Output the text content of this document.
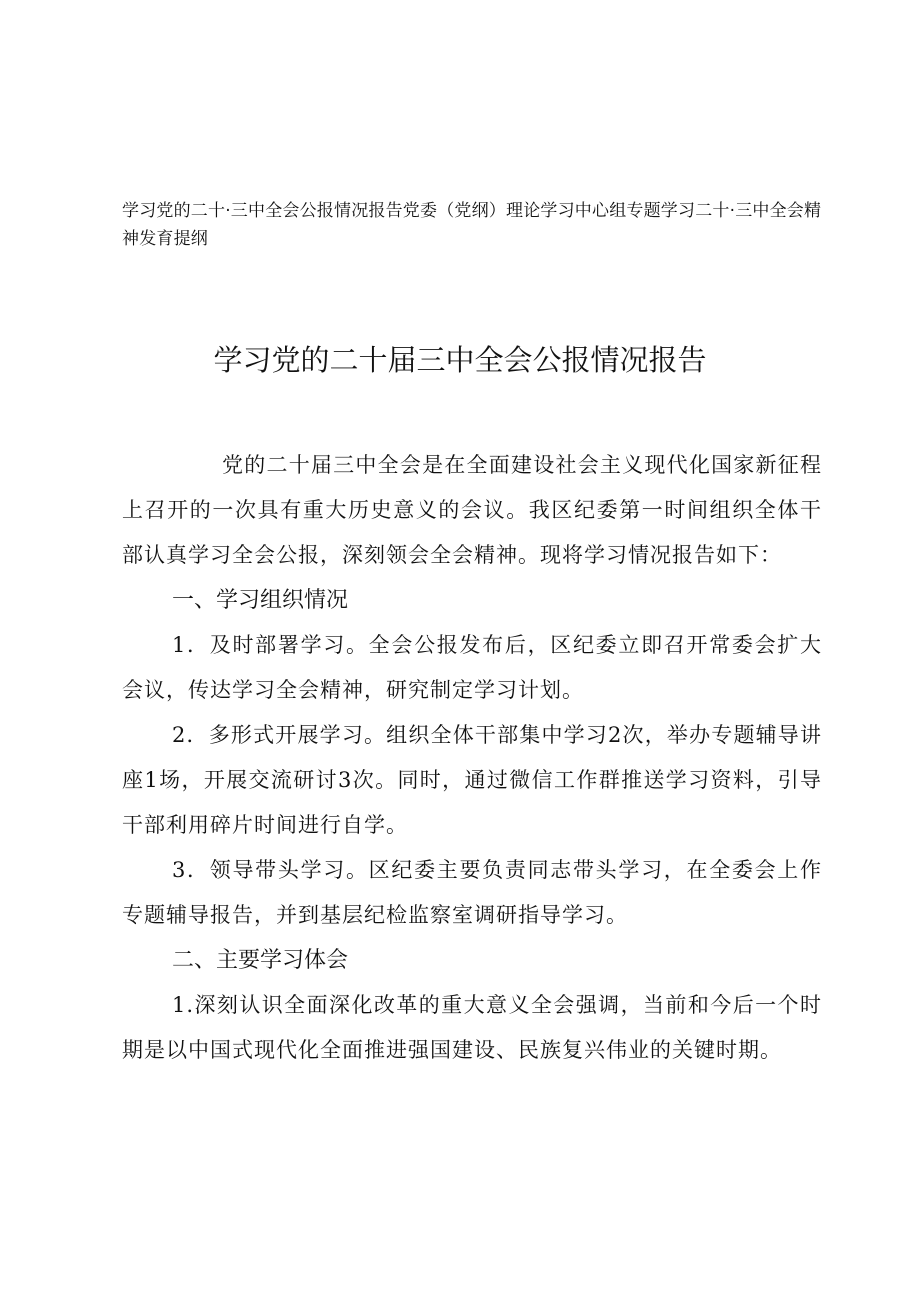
学习党的二十·三中全会公报情况报告党委（党纲）理论学习中心组专题学习二十·三中全会精神发育提纲
学习党的二十届三中全会公报情况报告

党的二十届三中全会是在全面建设社会主义现代化国家新征程上召开的一次具有重大历史意义的会议。我区纪委第一时间组织全体干部认真学习全会公报，深刻领会全会精神。现将学习情况报告如下：

一、学习组织情况

1．及时部署学习。全会公报发布后，区纪委立即召开常委会扩大会议，传达学习全会精神，研究制定学习计划。

2．多形式开展学习。组织全体干部集中学习2次，举办专题辅导讲座1场，开展交流研讨3次。同时，通过微信工作群推送学习资料，引导干部利用碎片时间进行自学。

3．领导带头学习。区纪委主要负责同志带头学习，在全委会上作专题辅导报告，并到基层纪检监察室调研指导学习。

二、主要学习体会

1.深刻认识全面深化改革的重大意义全会强调，当前和今后一个时期是以中国式现代化全面推进强国建设、民族复兴伟业的关键时期。
